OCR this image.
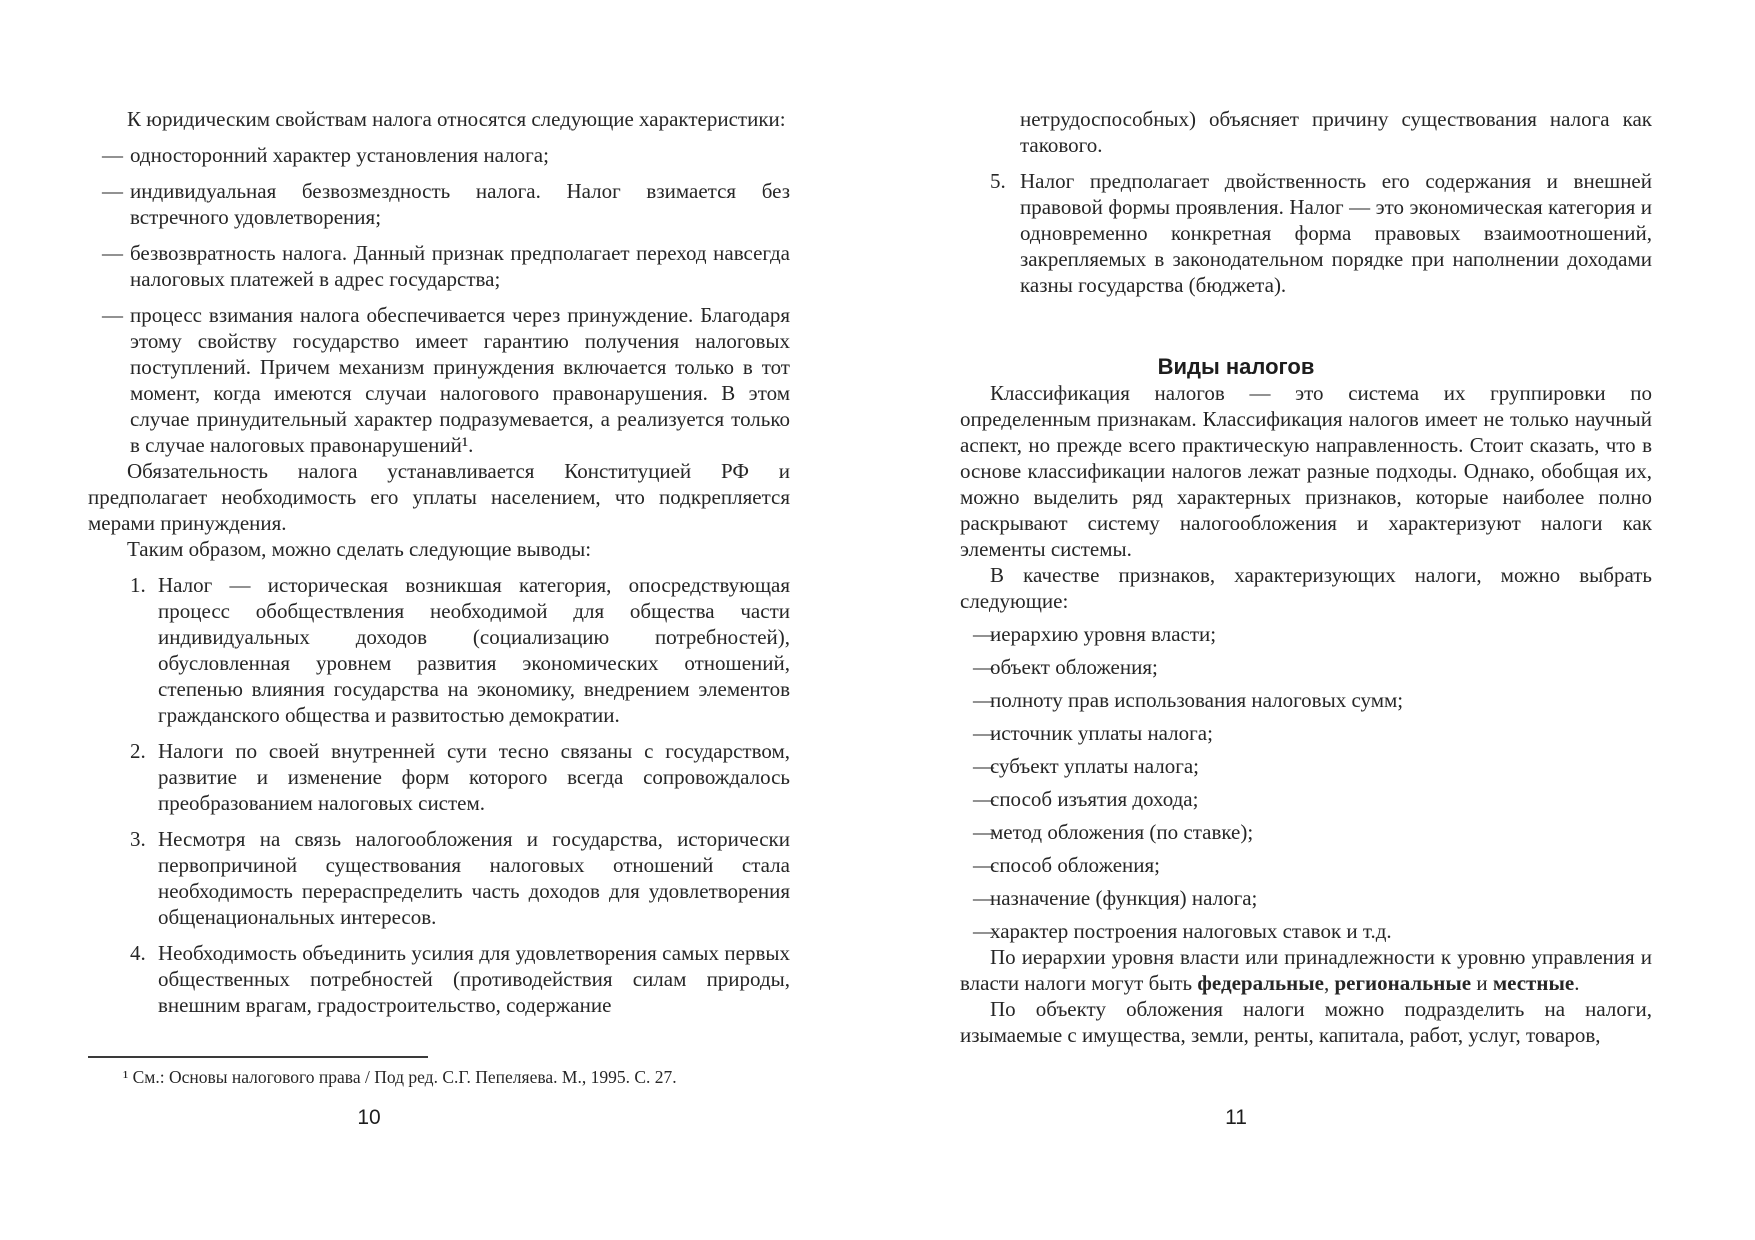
К юридическим свойствам налога относятся следующие характеристики:

— односторонний характер установления налога;
— индивидуальная безвозмездность налога. Налог взимается без встречного удовлетворения;
— безвозвратность налога. Данный признак предполагает переход навсегда налоговых платежей в адрес государства;
— процесс взимания налога обеспечивается через принуждение. Благодаря этому свойству государство имеет гарантию получения налоговых поступлений. Причем механизм принуждения включается только в тот момент, когда имеются случаи налогового правонарушения. В этом случае принудительный характер подразумевается, а реализуется только в случае налоговых правонарушений¹.

Обязательность налога устанавливается Конституцией РФ и предполагает необходимость его уплаты населением, что подкрепляется мерами принуждения.

Таким образом, можно сделать следующие выводы:

1. Налог — историческая возникшая категория, опосредствующая процесс обобществления необходимой для общества части индивидуальных доходов (социализацию потребностей), обусловленная уровнем развития экономических отношений, степенью влияния государства на экономику, внедрением элементов гражданского общества и развитостью демократии.
2. Налоги по своей внутренней сути тесно связаны с государством, развитие и изменение форм которого всегда сопровождалось преобразованием налоговых систем.
3. Несмотря на связь налогообложения и государства, исторически первопричиной существования налоговых отношений стала необходимость перераспределить часть доходов для удовлетворения общенациональных интересов.
4. Необходимость объединить усилия для удовлетворения самых первых общественных потребностей (противодействия силам природы, внешним врагам, градостроительство, содержание

¹ См.: Основы налогового права / Под ред. С.Г. Пепеляева. М., 1995. С. 27.

10
нетрудоспособных) объясняет причину существования налога как такового.
5. Налог предполагает двойственность его содержания и внешней правовой формы проявления. Налог — это экономическая категория и одновременно конкретная форма правовых взаимоотношений, закрепляемых в законодательном порядке при наполнении доходами казны государства (бюджета).
Виды налогов

Классификация налогов — это система их группировки по определенным признакам. Классификация налогов имеет не только научный аспект, но прежде всего практическую направленность. Стоит сказать, что в основе классификации налогов лежат разные подходы. Однако, обобщая их, можно выделить ряд характерных признаков, которые наиболее полно раскрывают систему налогообложения и характеризуют налоги как элементы системы.

В качестве признаков, характеризующих налоги, можно выбрать следующие:

—
иерархию уровня власти;
—
объект обложения;
—
полноту прав использования налоговых сумм;
—
источник уплаты налога;
—
субъект уплаты налога;
—
способ изъятия дохода;
—
метод обложения (по ставке);
—
способ обложения;
—
назначение (функция) налога;
—
характер построения налоговых ставок и т.д.

По иерархии уровня власти или принадлежности к уровню управления и власти налоги могут быть федеральные, региональные и местные.

По объекту обложения налоги можно подразделить на налоги, изымаемые с имущества, земли, ренты, капитала, работ, услуг, товаров,

11
